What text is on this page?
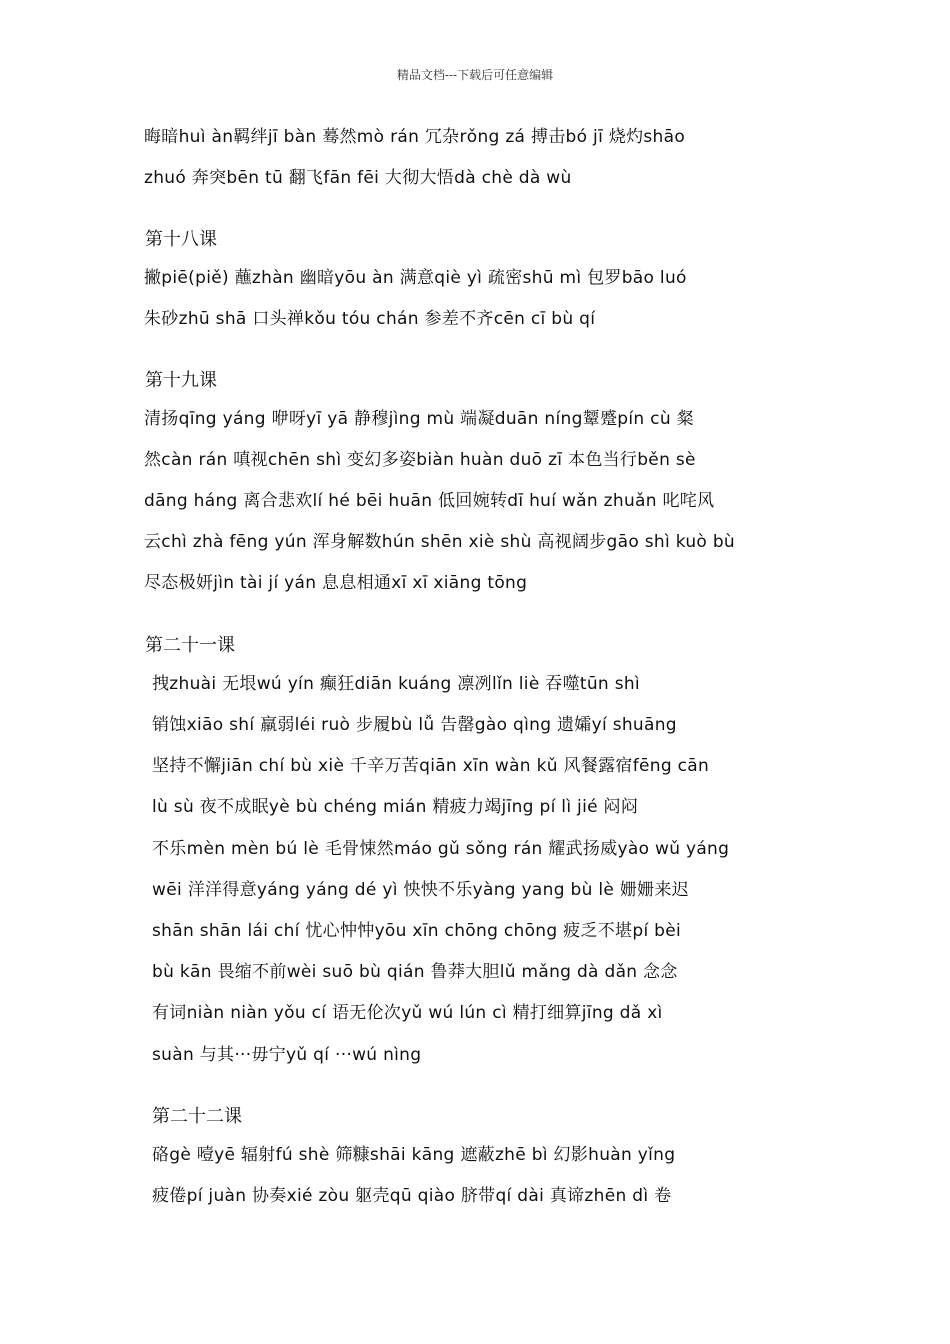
精品文档---下载后可任意编辑
晦暗huì àn羁绊jī bàn 蓦然mò rán 冗杂rǒng zá 搏击bó jī 烧灼shāo
zhuó 奔突bēn tū 翻飞fān fēi 大彻大悟dà chè dà wù
第十八课
撇piē(piě) 蘸zhàn 幽暗yōu àn 满意qiè yì 疏密shū mì 包罗bāo luó
朱砂zhū shā 口头禅kǒu tóu chán 参差不齐cēn cī bù qí
第十九课
清扬qīng yáng 咿呀yī yā 静穆jìng mù 端凝duān níng颦蹙pín cù 粲
然càn rán 嗔视chēn shì 变幻多姿biàn huàn duō zī 本色当行běn sè
dāng háng 离合悲欢lí hé bēi huān 低回婉转dī huí wǎn zhuǎn 叱咤风
云chì zhà fēng yún 浑身解数hún shēn xiè shù 高视阔步gāo shì kuò bù
尽态极妍jìn tài jí yán 息息相通xī xī xiāng tōng
第二十一课
拽zhuài 无垠wú yín 癫狂diān kuáng 凛冽lǐn liè 吞噬tūn shì
销蚀xiāo shí 羸弱léi ruò 步履bù lǚ 告罄gào qìng 遗孀yí shuāng
坚持不懈jiān chí bù xiè 千辛万苦qiān xīn wàn kǔ 风餐露宿fēng cān
lù sù 夜不成眠yè bù chéng mián 精疲力竭jīng pí lì jié 闷闷
不乐mèn mèn bú lè 毛骨悚然máo gǔ sǒng rán 耀武扬威yào wǔ yáng
wēi 洋洋得意yáng yáng dé yì 怏怏不乐yàng yang bù lè 姗姗来迟
shān shān lái chí 忧心忡忡yōu xīn chōng chōng 疲乏不堪pí bèi
bù kān 畏缩不前wèi suō bù qián 鲁莽大胆lǔ mǎng dà dǎn 念念
有词niàn niàn yǒu cí 语无伦次yǔ wú lún cì 精打细算jīng dǎ xì
suàn 与其···毋宁yǔ qí ···wú nìng
第二十二课
硌gè 噎yē 辐射fú shè 筛糠shāi kāng 遮蔽zhē bì 幻影huàn yǐng
疲倦pí juàn 协奏xié zòu 躯壳qū qiào 脐带qí dài 真谛zhēn dì 卷
